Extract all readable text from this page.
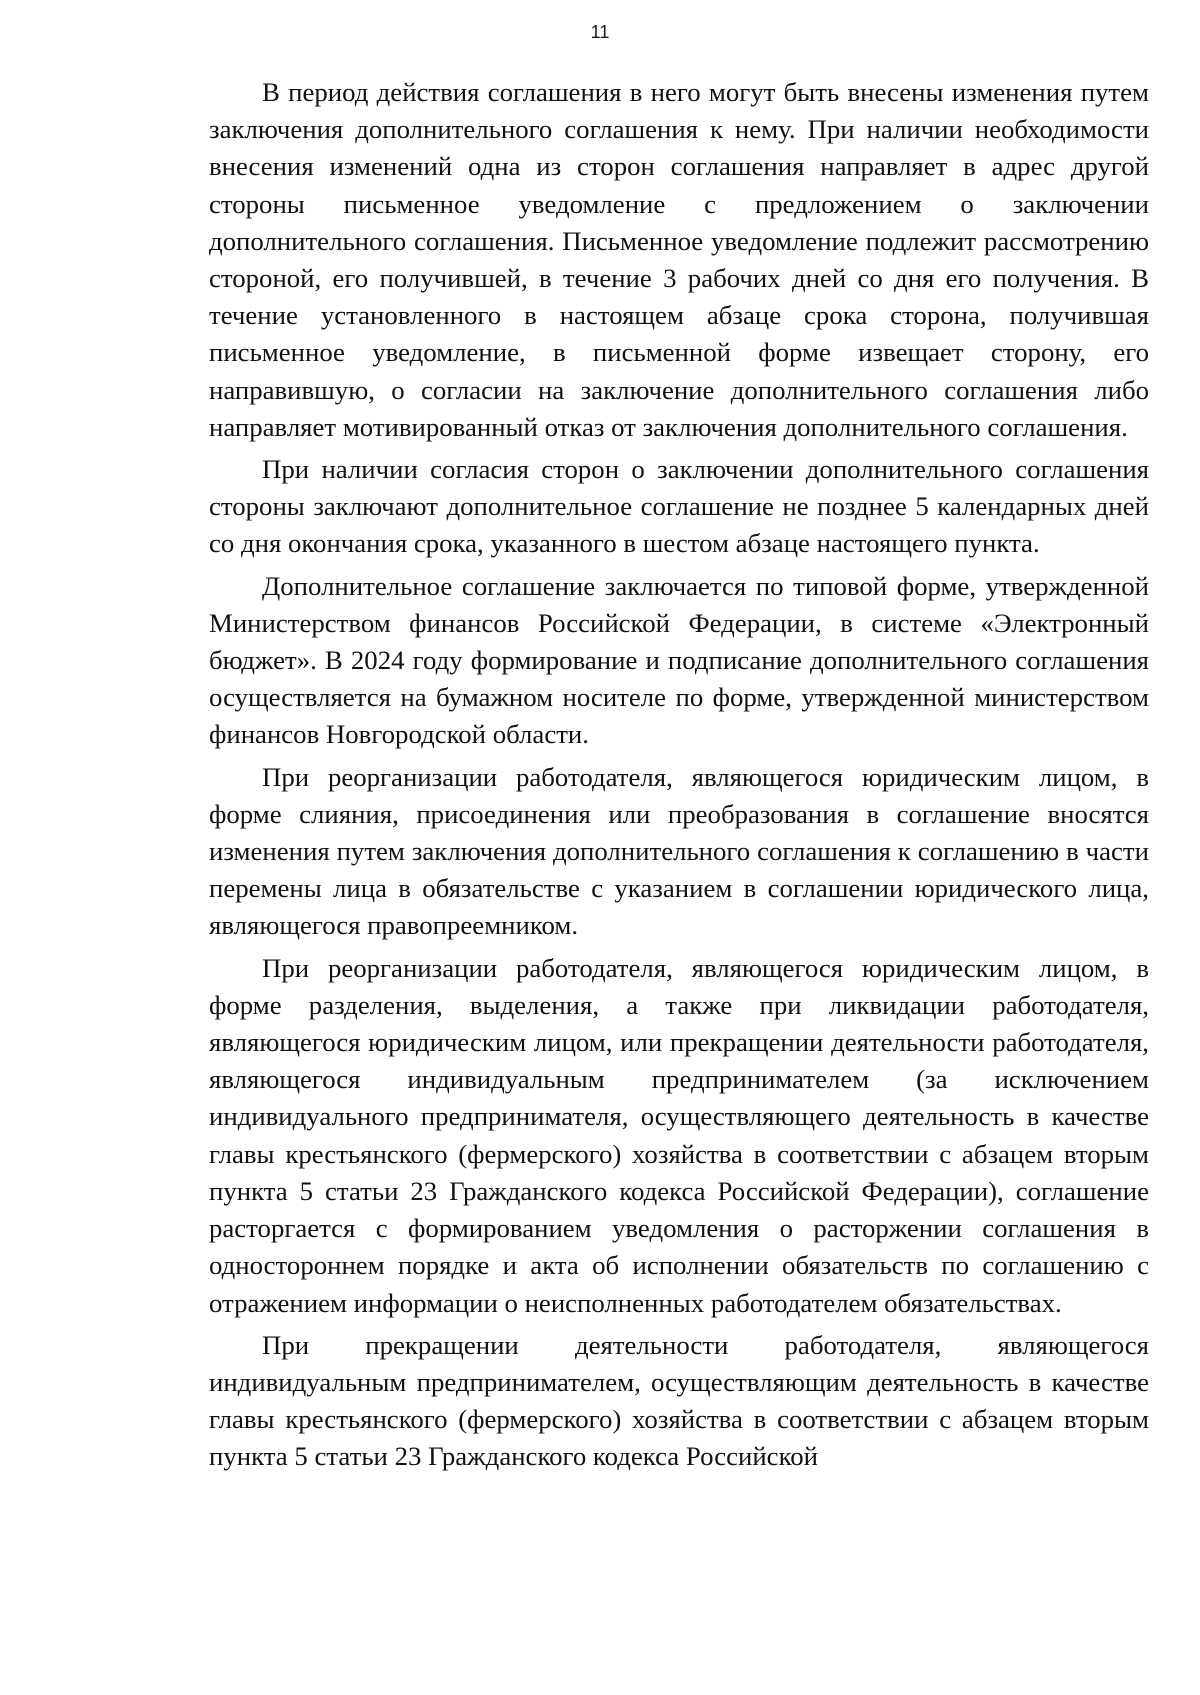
11

В период действия соглашения в него могут быть внесены изменения путем заключения дополнительного соглашения к нему. При наличии необходимости внесения изменений одна из сторон соглашения направляет в адрес другой стороны письменное уведомление с предложением о заключении дополнительного соглашения. Письменное уведомление подлежит рассмотрению стороной, его получившей, в течение 3 рабочих дней со дня его получения. В течение установленного в настоящем абзаце срока сторона, получившая письменное уведомление, в письменной форме извещает сторону, его направившую, о согласии на заключение дополнительного соглашения либо направляет мотивированный отказ от заключения дополнительного соглашения.

При наличии согласия сторон о заключении дополнительного соглашения стороны заключают дополнительное соглашение не позднее 5 календарных дней со дня окончания срока, указанного в шестом абзаце настоящего пункта.

Дополнительное соглашение заключается по типовой форме, утвержденной Министерством финансов Российской Федерации, в системе «Электронный бюджет». В 2024 году формирование и подписание дополнительного соглашения осуществляется на бумажном носителе по форме, утвержденной министерством финансов Новгородской области.

При реорганизации работодателя, являющегося юридическим лицом, в форме слияния, присоединения или преобразования в соглашение вносятся изменения путем заключения дополнительного соглашения к соглашению в части перемены лица в обязательстве с указанием в соглашении юридического лица, являющегося правопреемником.

При реорганизации работодателя, являющегося юридическим лицом, в форме разделения, выделения, а также при ликвидации работодателя, являющегося юридическим лицом, или прекращении деятельности работодателя, являющегося индивидуальным предпринимателем (за исключением индивидуального предпринимателя, осуществляющего деятельность в качестве главы крестьянского (фермерского) хозяйства в соответствии с абзацем вторым пункта 5 статьи 23 Гражданского кодекса Российской Федерации), соглашение расторгается с формированием уведомления о расторжении соглашения в одностороннем порядке и акта об исполнении обязательств по соглашению с отражением информации о неисполненных работодателем обязательствах.

При прекращении деятельности работодателя, являющегося индивидуальным предпринимателем, осуществляющим деятельность в качестве главы крестьянского (фермерского) хозяйства в соответствии с абзацем вторым пункта 5 статьи 23 Гражданского кодекса Российской
